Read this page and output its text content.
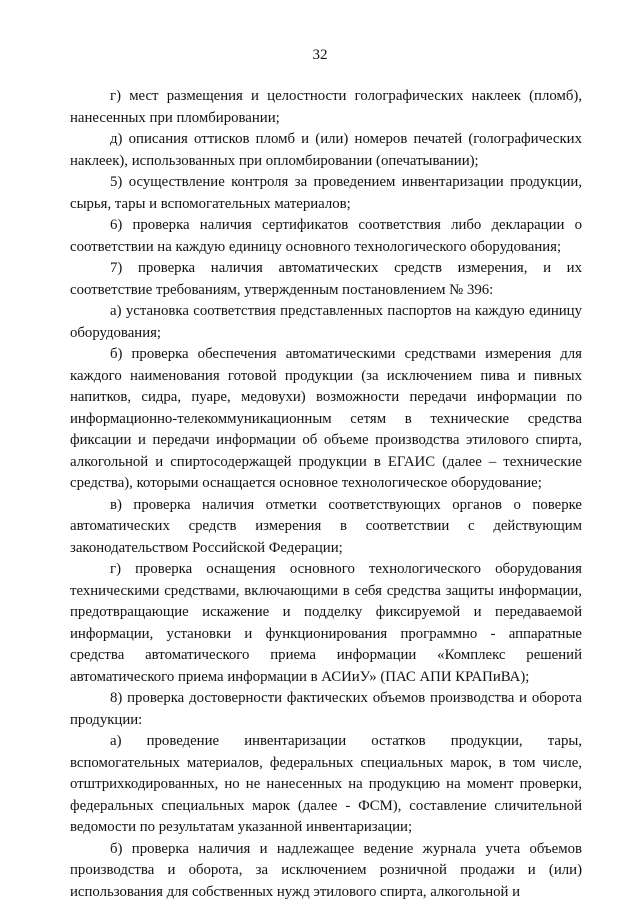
32

г) мест размещения и целостности голографических наклеек (пломб), нанесенных при пломбировании;

д) описания оттисков пломб и (или) номеров печатей (голографических наклеек), использованных при опломбировании (опечатывании);

5) осуществление контроля за проведением инвентаризации продукции, сырья, тары и вспомогательных материалов;

6) проверка наличия сертификатов соответствия либо декларации о соответствии на каждую единицу основного технологического оборудования;

7) проверка наличия автоматических средств измерения, и их соответствие требованиям, утвержденным постановлением № 396:

а) установка соответствия представленных паспортов на каждую единицу оборудования;

б) проверка обеспечения автоматическими средствами измерения для каждого наименования готовой продукции (за исключением пива и пивных напитков, сидра, пуаре, медовухи) возможности передачи информации по информационно-телекоммуникационным сетям в технические средства фиксации и передачи информации об объеме производства этилового спирта, алкогольной и спиртосодержащей продукции в ЕГАИС (далее – технические средства), которыми оснащается основное технологическое оборудование;

в) проверка наличия отметки соответствующих органов о поверке автоматических средств измерения в соответствии с действующим законодательством Российской Федерации;

г) проверка оснащения основного технологического оборудования техническими средствами, включающими в себя средства защиты информации, предотвращающие искажение и подделку фиксируемой и передаваемой информации, установки и функционирования программно - аппаратные средства автоматического приема информации «Комплекс решений автоматического приема информации в АСИиУ» (ПАС АПИ КРАПиВА);

8) проверка достоверности фактических объемов производства и оборота продукции:

а) проведение инвентаризации остатков продукции, тары, вспомогательных материалов, федеральных специальных марок, в том числе, отштрихкодированных, но не нанесенных на продукцию на момент проверки, федеральных специальных марок (далее - ФСМ), составление сличительной ведомости по результатам указанной инвентаризации;

б) проверка наличия и надлежащее ведение журнала учета объемов производства и оборота, за исключением розничной продажи и (или) использования для собственных нужд этилового спирта, алкогольной и
